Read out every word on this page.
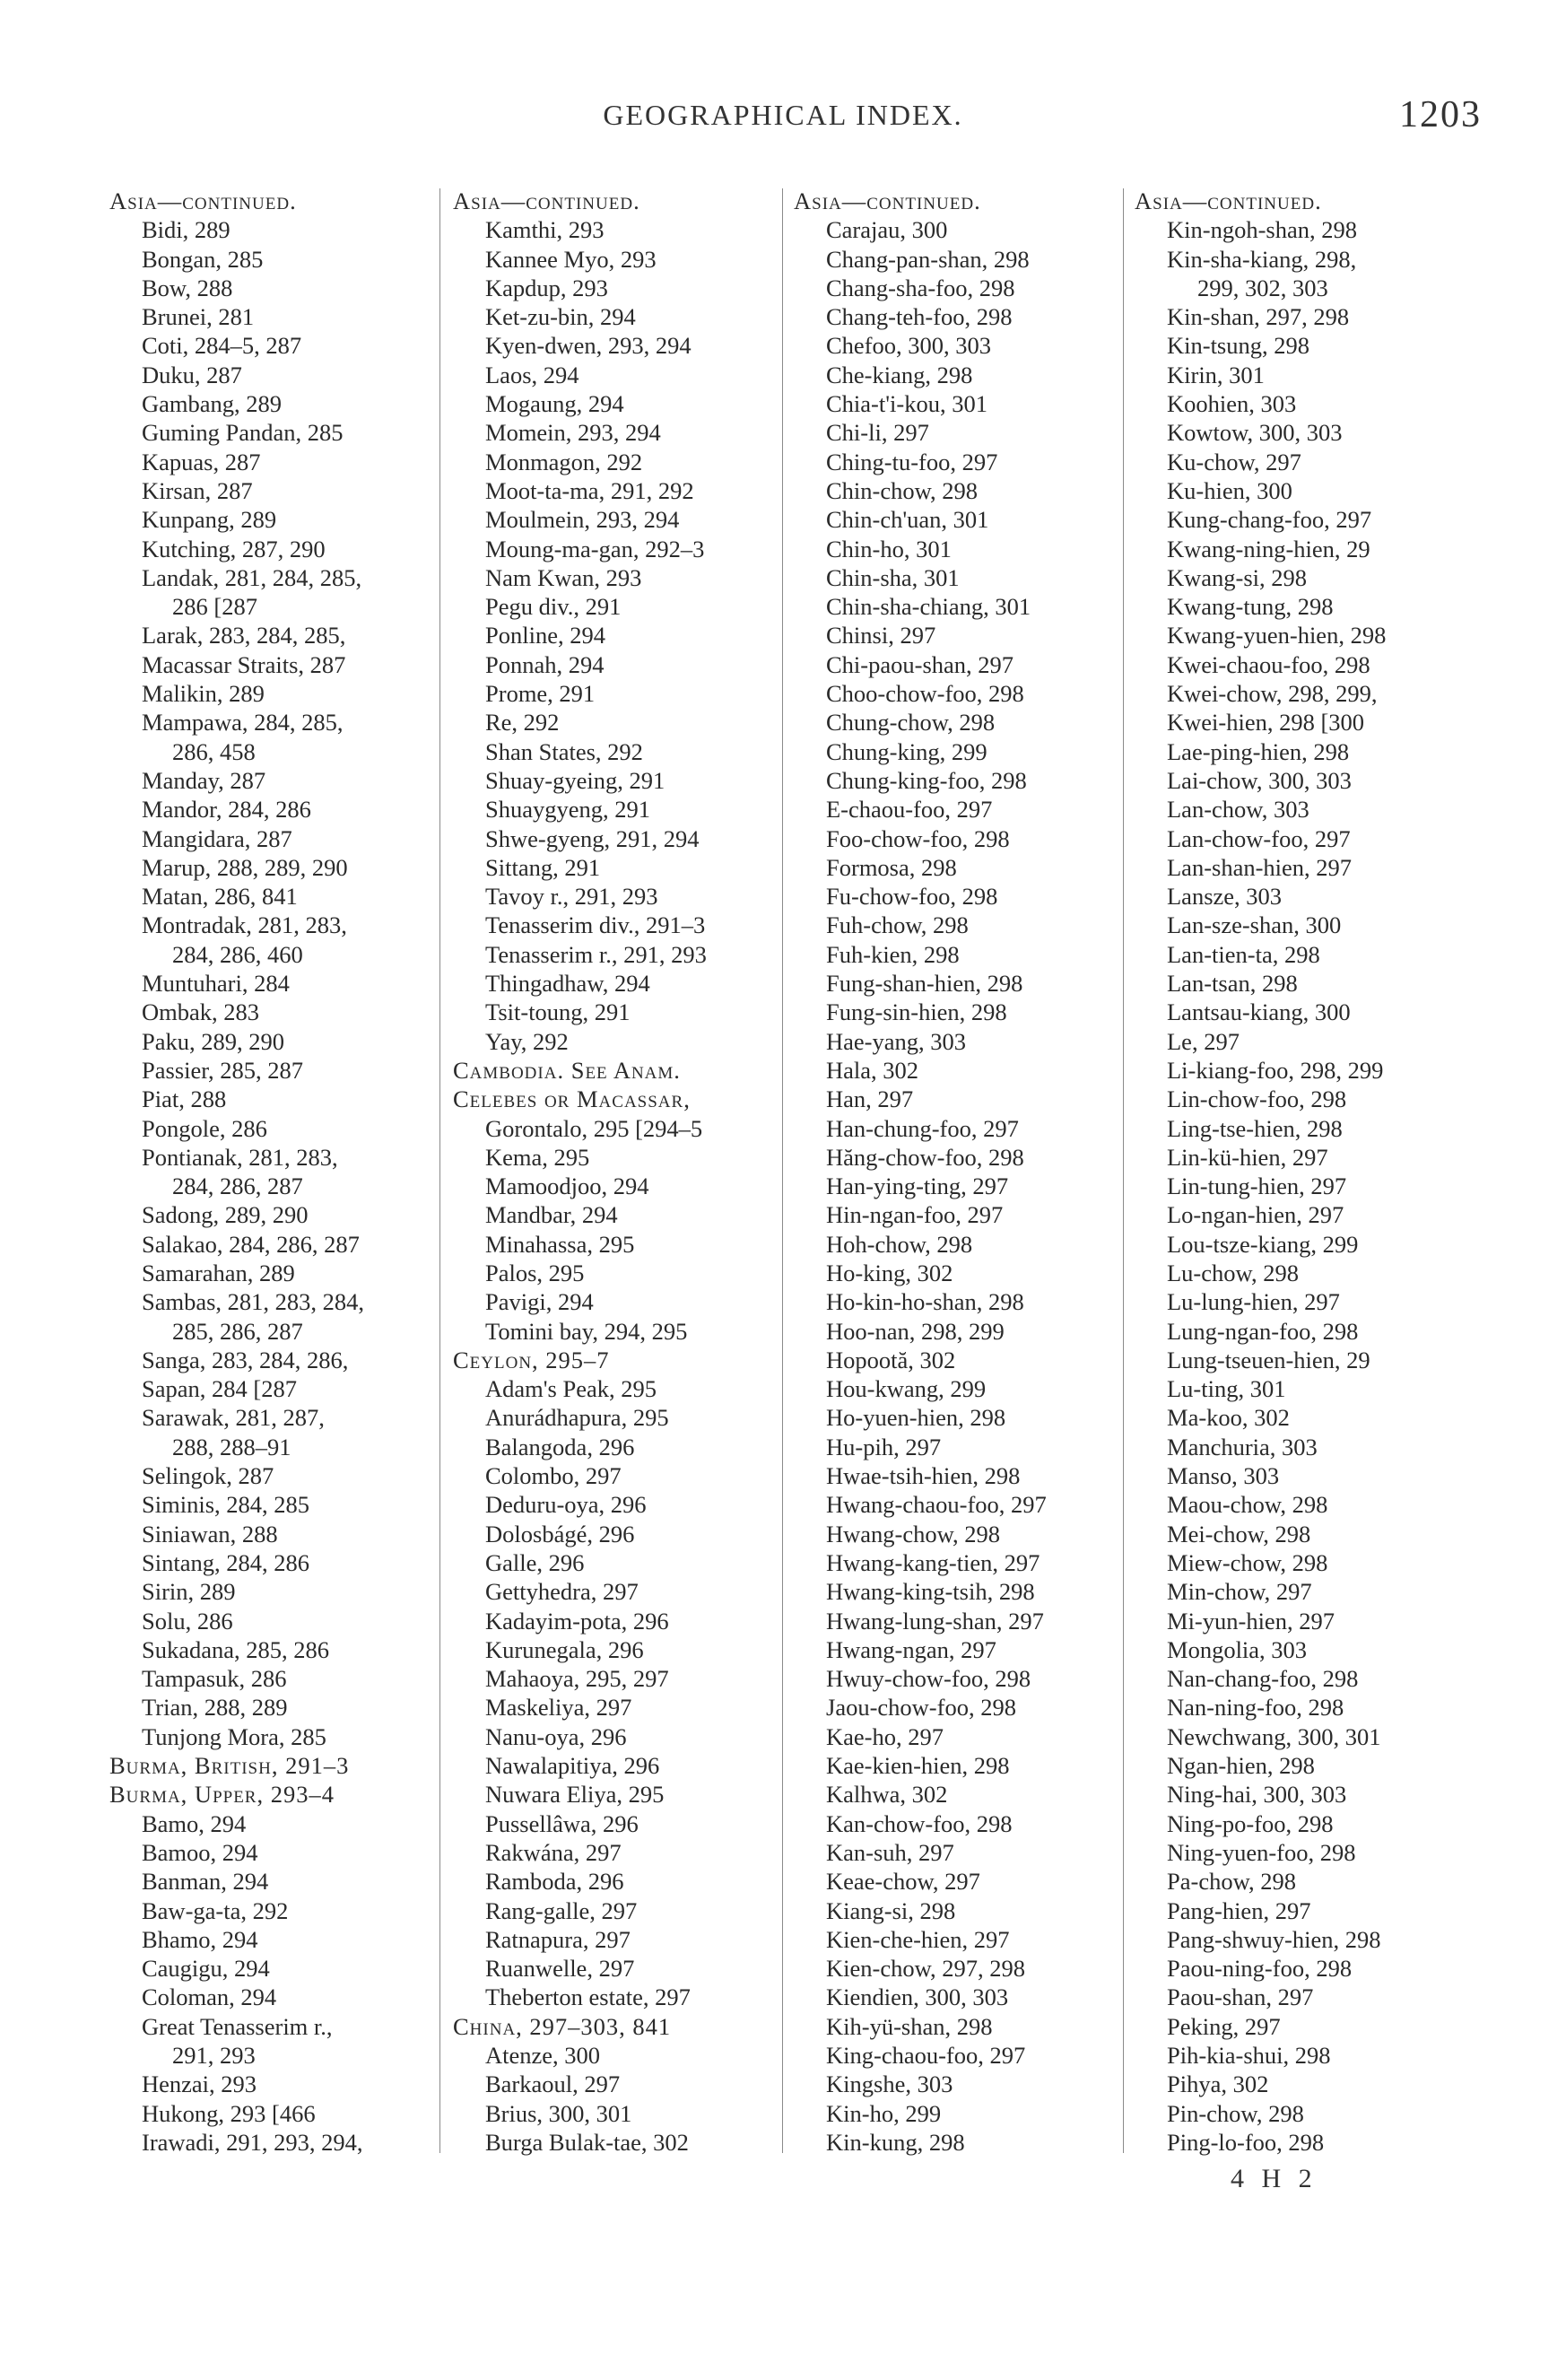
GEOGRAPHICAL INDEX.	1203
Asia—continued.
Bidi, 289
Bongan, 285
Bow, 288
Brunei, 281
Coti, 284–5, 287
Duku, 287
Gambang, 289
Guming Pandan, 285
Kapuas, 287
Kirsan, 287
Kunpang, 289
Kutching, 287, 290
Landak, 281, 284, 285,
286 [287
Larak, 283, 284, 285,
Macassar Straits, 287
Malikin, 289
Mampawa, 284, 285,
286, 458
Manday, 287
Mandor, 284, 286
Mangidara, 287
Marup, 288, 289, 290
Matan, 286, 841
Montradak, 281, 283,
284, 286, 460
Muntuhari, 284
Ombak, 283
Paku, 289, 290
Passier, 285, 287
Piat, 288
Pongole, 286
Pontianak, 281, 283,
284, 286, 287
Sadong, 289, 290
Salakao, 284, 286, 287
Samarahan, 289
Sambas, 281, 283, 284,
285, 286, 287
Sanga, 283, 284, 286,
Sapan, 284 [287
Sarawak, 281, 287,
288, 288–91
Selingok, 287
Siminis, 284, 285
Siniawan, 288
Sintang, 284, 286
Sirin, 289
Solu, 286
Sukadana, 285, 286
Tampasuk, 286
Trian, 288, 289
Tunjong Mora, 285
Burma, British, 291–3
Burma, Upper, 293–4
Bamo, 294
Bamoo, 294
Banman, 294
Baw-ga-ta, 292
Bhamo, 294
Caugigu, 294
Coloman, 294
Great Tenasserim r.,
291, 293
Henzai, 293
Hukong, 293 [466
Irawadi, 291, 293, 294,
Asia—continued.
Kamthi, 293
Kannee Myo, 293
Kapdup, 293
Ket-zu-bin, 294
Kyen-dwen, 293, 294
Laos, 294
Mogaung, 294
Momein, 293, 294
Monmagon, 292
Moot-ta-ma, 291, 292
Moulmein, 293, 294
Moung-ma-gan, 292–3
Nam Kwan, 293
Pegu div., 291
Ponline, 294
Ponnah, 294
Prome, 291
Re, 292
Shan States, 292
Shuay-gyeing, 291
Shuaygyeng, 291
Shwe-gyeng, 291, 294
Sittang, 291
Tavoy r., 291, 293
Tenasserim div., 291–3
Tenasserim r., 291, 293
Thingadhaw, 294
Tsit-toung, 291
Yay, 292
Cambodia. See Anam.
Celebes or Macassar,
Gorontalo, 295 [294–5
Kema, 295
Mamoodjoo, 294
Mandbar, 294
Minahassa, 295
Palos, 295
Pavigi, 294
Tomini bay, 294, 295
Ceylon, 295–7
Adam's Peak, 295
Anurádhapura, 295
Balangoda, 296
Colombo, 297
Deduru-oya, 296
Dolosbágé, 296
Galle, 296
Gettyhedra, 297
Kadayim-pota, 296
Kurunegala, 296
Mahaoya, 295, 297
Maskeliya, 297
Nanu-oya, 296
Nawalapitiya, 296
Nuwara Eliya, 295
Pussellâwa, 296
Rakwána, 297
Ramboda, 296
Rang-galle, 297
Ratnapura, 297
Ruanwelle, 297
Theberton estate, 297
China, 297–303, 841
Atenze, 300
Barkaoul, 297
Brius, 300, 301
Burga Bulak-tae, 302
Asia—continued.
Carajau, 300
Chang-pan-shan, 298
Chang-sha-foo, 298
Chang-teh-foo, 298
Chefoo, 300, 303
Che-kiang, 298
Chia-t'i-kou, 301
Chi-li, 297
Ching-tu-foo, 297
Chin-chow, 298
Chin-ch'uan, 301
Chin-ho, 301
Chin-sha, 301
Chin-sha-chiang, 301
Chinsi, 297
Chi-paou-shan, 297
Choo-chow-foo, 298
Chung-chow, 298
Chung-king, 299
Chung-king-foo, 298
E-chaou-foo, 297
Foo-chow-foo, 298
Formosa, 298
Fu-chow-foo, 298
Fuh-chow, 298
Fuh-kien, 298
Fung-shan-hien, 298
Fung-sin-hien, 298
Hae-yang, 303
Hala, 302
Han, 297
Han-chung-foo, 297
Hăng-chow-foo, 298
Han-ying-ting, 297
Hin-ngan-foo, 297
Hoh-chow, 298
Ho-king, 302
Ho-kin-ho-shan, 298
Hoo-nan, 298, 299
Hopootă, 302
Hou-kwang, 299
Ho-yuen-hien, 298
Hu-pih, 297
Hwae-tsih-hien, 298
Hwang-chaou-foo, 297
Hwang-chow, 298
Hwang-kang-tien, 297
Hwang-king-tsih, 298
Hwang-lung-shan, 297
Hwang-ngan, 297
Hwuy-chow-foo, 298
Jaou-chow-foo, 298
Kae-ho, 297
Kae-kien-hien, 298
Kalhwa, 302
Kan-chow-foo, 298
Kan-suh, 297
Keae-chow, 297
Kiang-si, 298
Kien-che-hien, 297
Kien-chow, 297, 298
Kiendien, 300, 303
Kih-yü-shan, 298
King-chaou-foo, 297
Kingshe, 303
Kin-ho, 299
Kin-kung, 298
Asia—continued.
Kin-ngoh-shan, 298
Kin-sha-kiang, 298,
299, 302, 303
Kin-shan, 297, 298
Kin-tsung, 298
Kirin, 301
Koohien, 303
Kowtow, 300, 303
Ku-chow, 297
Ku-hien, 300
Kung-chang-foo, 297
Kwang-ning-hien, 29
Kwang-si, 298
Kwang-tung, 298
Kwang-yuen-hien, 298
Kwei-chaou-foo, 298
Kwei-chow, 298, 299,
Kwei-hien, 298 [300
Lae-ping-hien, 298
Lai-chow, 300, 303
Lan-chow, 303
Lan-chow-foo, 297
Lan-shan-hien, 297
Lansze, 303
Lan-sze-shan, 300
Lan-tien-ta, 298
Lan-tsan, 298
Lantsau-kiang, 300
Le, 297
Li-kiang-foo, 298, 299
Lin-chow-foo, 298
Ling-tse-hien, 298
Lin-kü-hien, 297
Lin-tung-hien, 297
Lo-ngan-hien, 297
Lou-tsze-kiang, 299
Lu-chow, 298
Lu-lung-hien, 297
Lung-ngan-foo, 298
Lung-tseuen-hien, 29
Lu-ting, 301
Ma-koo, 302
Manchuria, 303
Manso, 303
Maou-chow, 298
Mei-chow, 298
Miew-chow, 298
Min-chow, 297
Mi-yun-hien, 297
Mongolia, 303
Nan-chang-foo, 298
Nan-ning-foo, 298
Newchwang, 300, 301
Ngan-hien, 298
Ning-hai, 300, 303
Ning-po-foo, 298
Ning-yuen-foo, 298
Pa-chow, 298
Pang-hien, 297
Pang-shwuy-hien, 298
Paou-ning-foo, 298
Paou-shan, 297
Peking, 297
Pih-kia-shui, 298
Pihya, 302
Pin-chow, 298
Ping-lo-foo, 298
4 H 2
